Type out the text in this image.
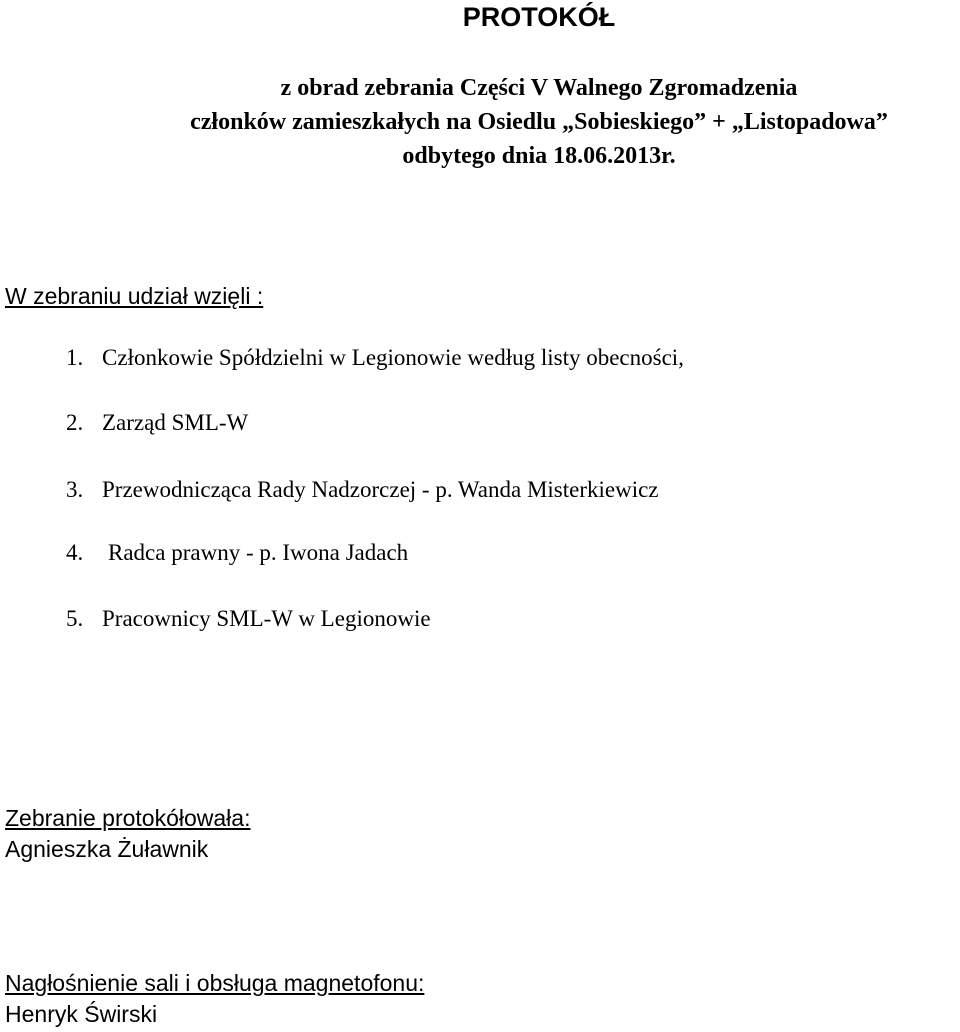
PROTOKÓŁ
z obrad zebrania Części V Walnego Zgromadzenia
członków zamieszkałych na Osiedlu „Sobieskiego” + „Listopadowa”
odbytego dnia 18.06.2013r.
W zebraniu udział wzięli :
1. Członkowie Spółdzielni w Legionowie według listy obecności,
2. Zarząd SML-W
3. Przewodnicząca Rady Nadzorczej - p. Wanda Misterkiewicz
4. Radca prawny - p. Iwona Jadach
5. Pracownicy SML-W w Legionowie
Zebranie protokółowała:
Agnieszka Żuławnik
Nagłośnienie sali i obsługa magnetofonu:
Henryk Świrski
